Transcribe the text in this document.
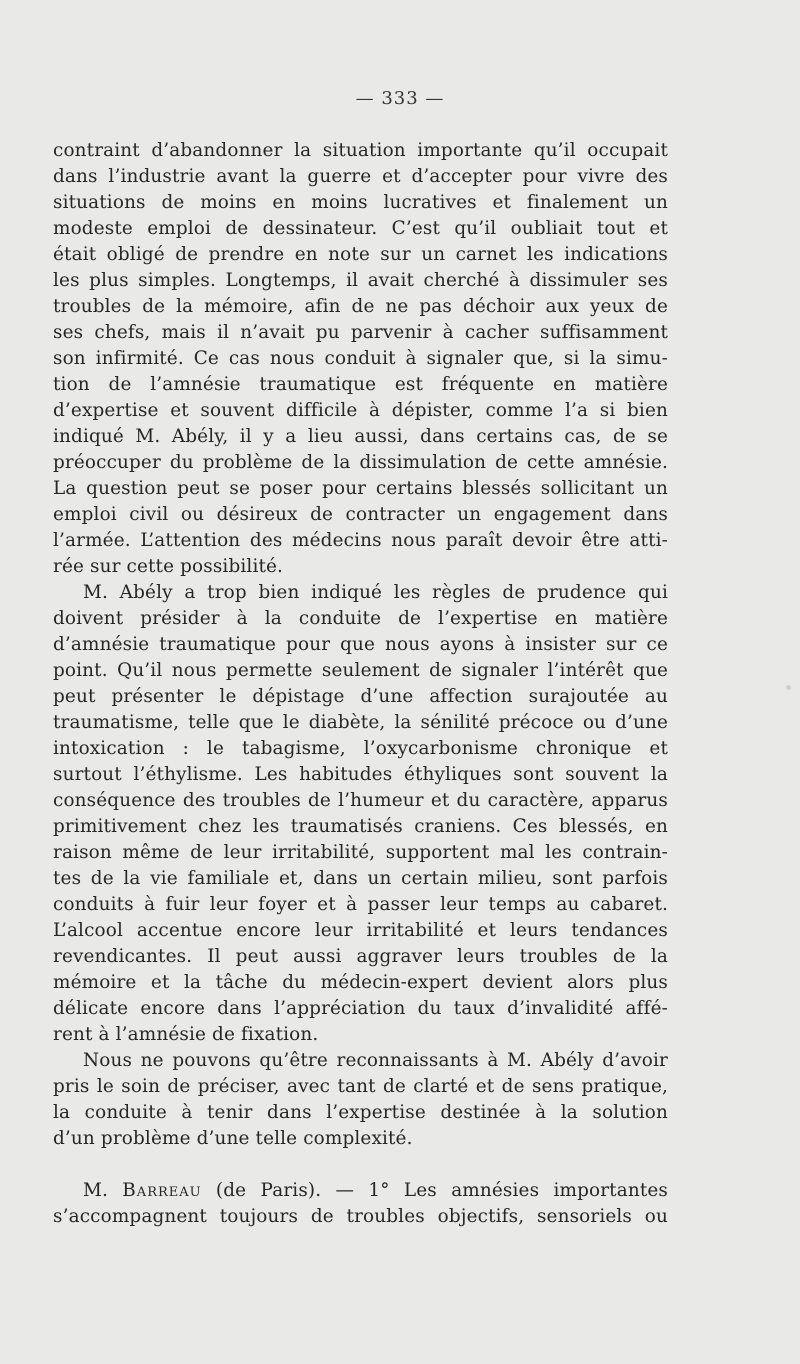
— 333 —
contraint d’abandonner la situation importante qu’il occupait
dans l’industrie avant la guerre et d’accepter pour vivre des
situations de moins en moins lucratives et finalement un
modeste emploi de dessinateur. C’est qu’il oubliait tout et
était obligé de prendre en note sur un carnet les indications
les plus simples. Longtemps, il avait cherché à dissimuler ses
troubles de la mémoire, afin de ne pas déchoir aux yeux de
ses chefs, mais il n’avait pu parvenir à cacher suffisamment
son infirmité. Ce cas nous conduit à signaler que, si la simu-
tion de l’amnésie traumatique est fréquente en matière
d’expertise et souvent difficile à dépister, comme l’a si bien
indiqué M. Abély, il y a lieu aussi, dans certains cas, de se
préoccuper du problème de la dissimulation de cette amnésie.
La question peut se poser pour certains blessés sollicitant un
emploi civil ou désireux de contracter un engagement dans
l’armée. L’attention des médecins nous paraît devoir être atti-
rée sur cette possibilité.
M. Abély a trop bien indiqué les règles de prudence qui
doivent présider à la conduite de l’expertise en matière
d’amnésie traumatique pour que nous ayons à insister sur ce
point. Qu’il nous permette seulement de signaler l’intérêt que
peut présenter le dépistage d’une affection surajoutée au
traumatisme, telle que le diabète, la sénilité précoce ou d’une
intoxication : le tabagisme, l’oxycarbonisme chronique et
surtout l’éthylisme. Les habitudes éthyliques sont souvent la
conséquence des troubles de l’humeur et du caractère, apparus
primitivement chez les traumatisés craniens. Ces blessés, en
raison même de leur irritabilité, supportent mal les contrain-
tes de la vie familiale et, dans un certain milieu, sont parfois
conduits à fuir leur foyer et à passer leur temps au cabaret.
L’alcool accentue encore leur irritabilité et leurs tendances
revendicantes. Il peut aussi aggraver leurs troubles de la
mémoire et la tâche du médecin-expert devient alors plus
délicate encore dans l’appréciation du taux d’invalidité affé-
rent à l’amnésie de fixation.
Nous ne pouvons qu’être reconnaissants à M. Abély d’avoir
pris le soin de préciser, avec tant de clarté et de sens pratique,
la conduite à tenir dans l’expertise destinée à la solution
d’un problème d’une telle complexité.
M. Barreau (de Paris). — 1° Les amnésies importantes
s’accompagnent toujours de troubles objectifs, sensoriels ou
